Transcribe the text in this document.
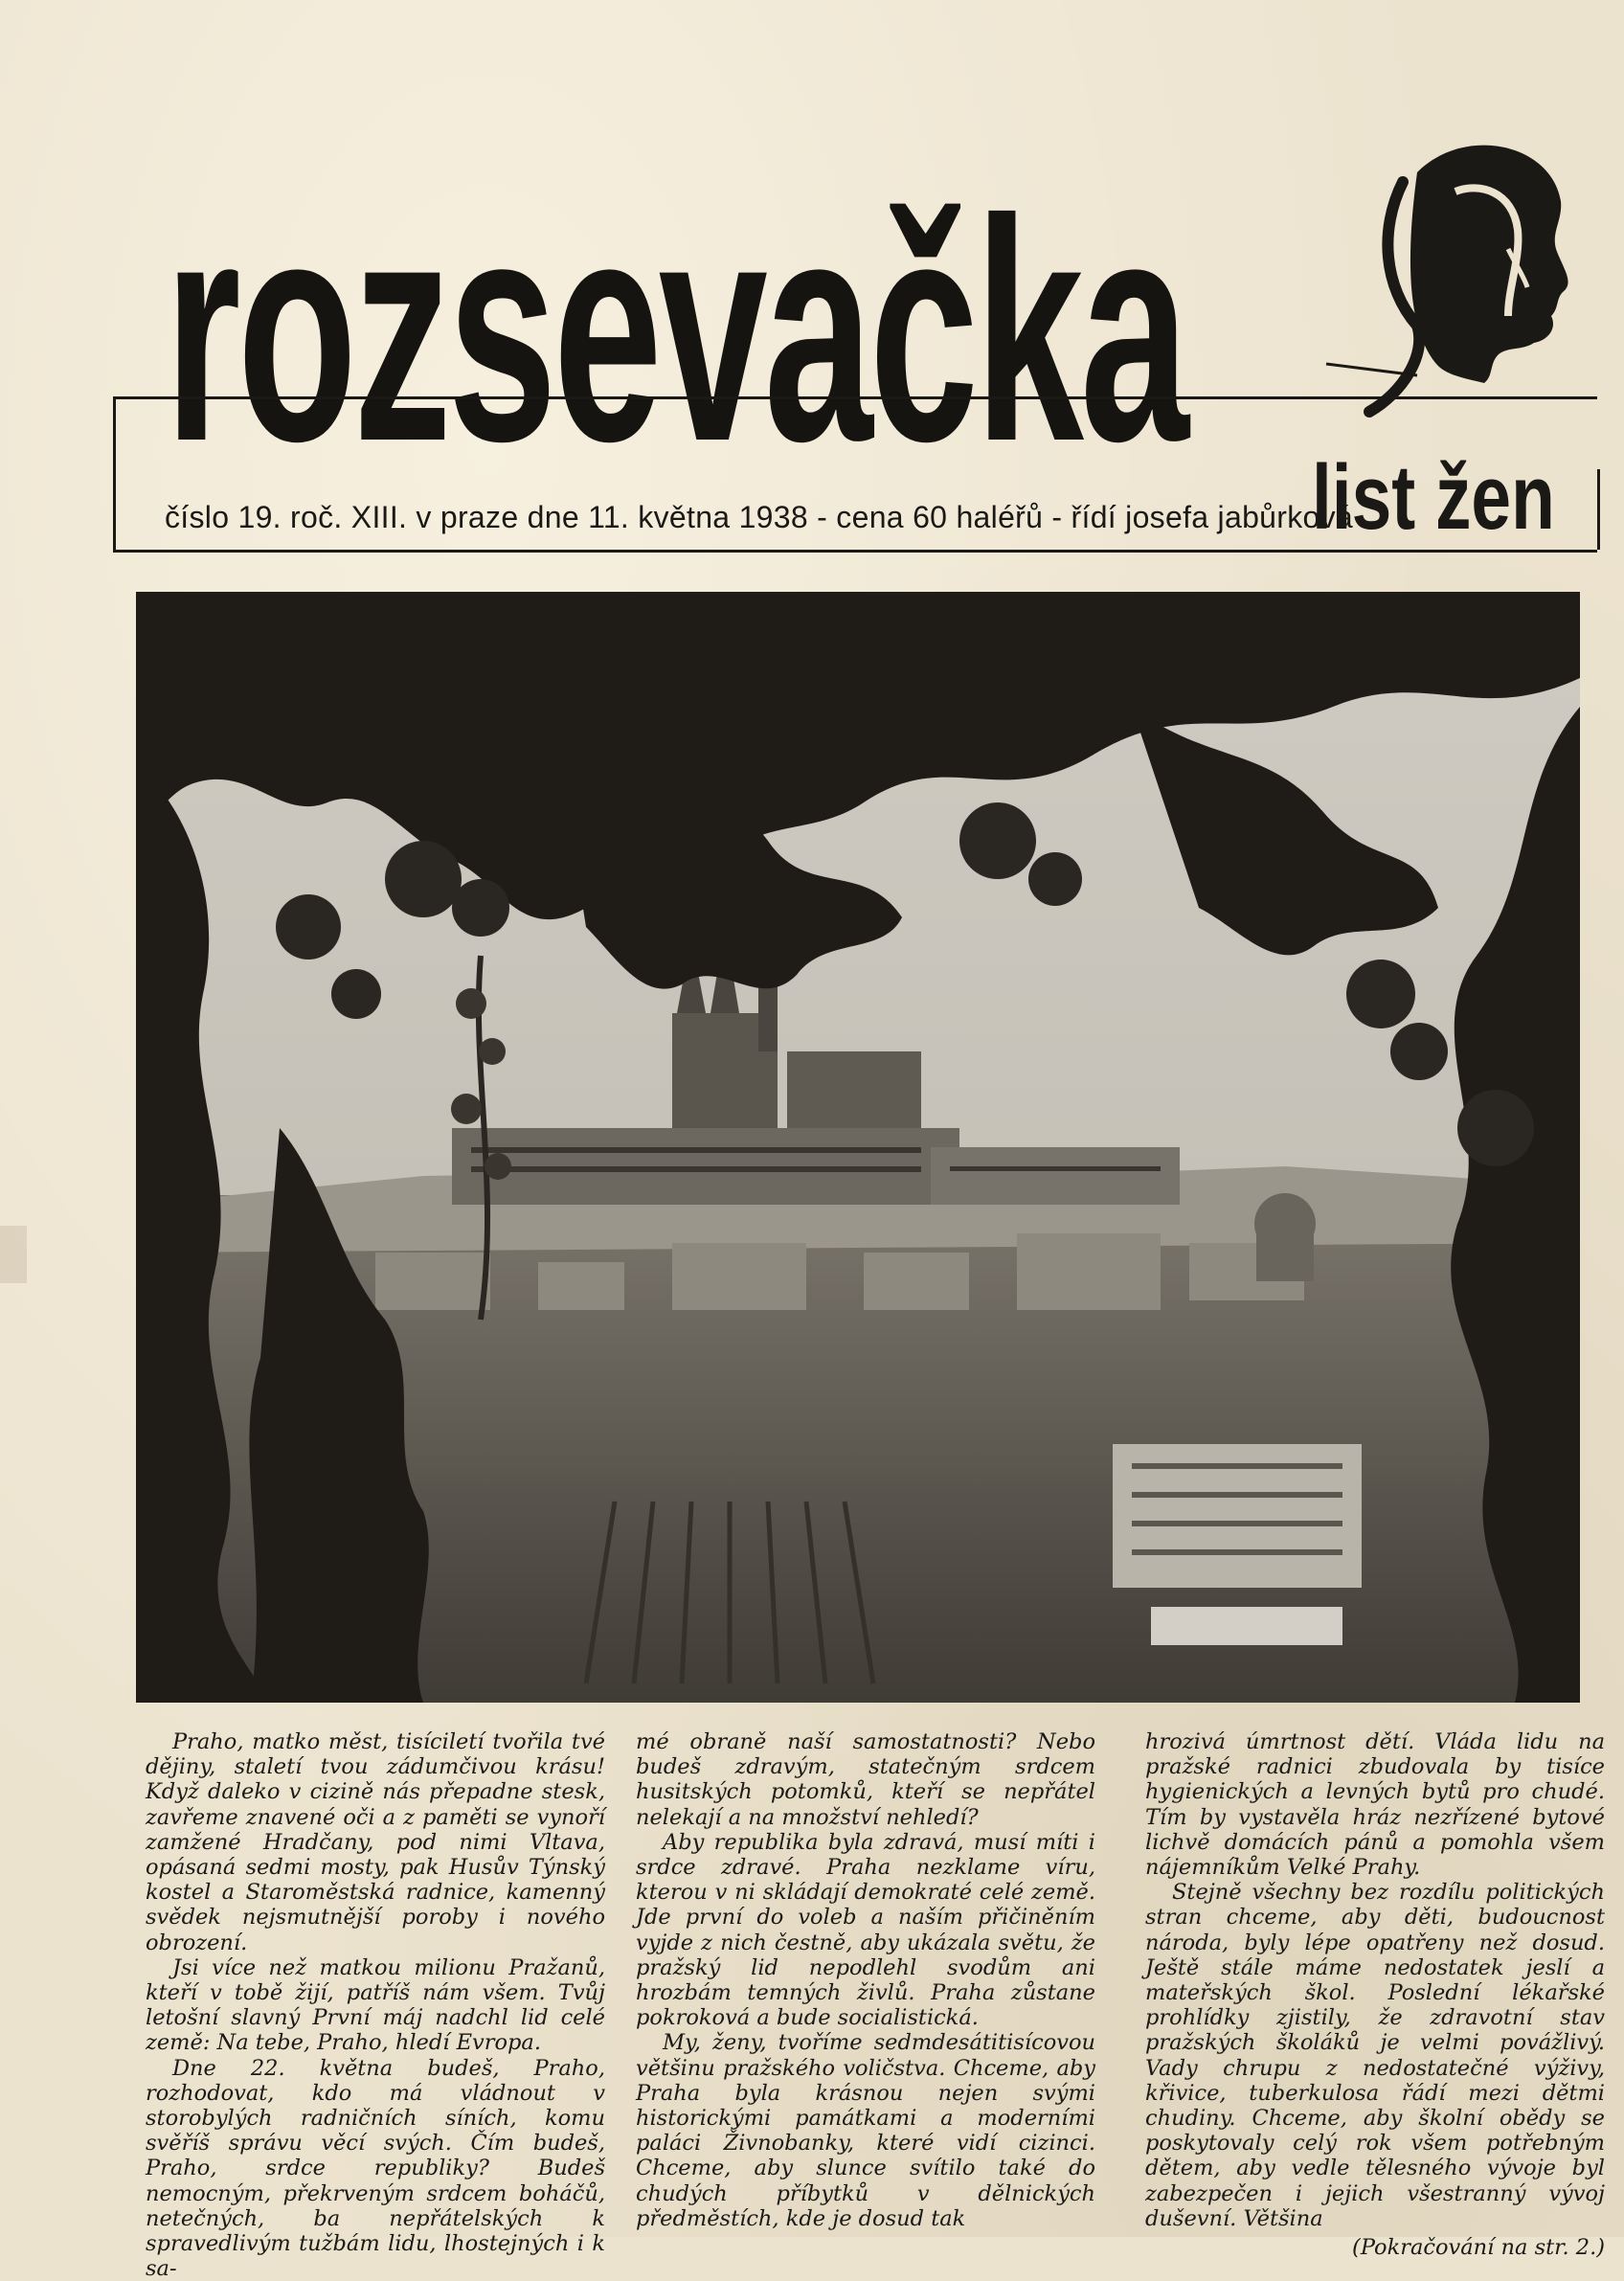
rozsevačka
číslo 19. roč. XIII. v praze dne 11. května 1938 - cena 60 haléřů - řídí josefa jabůrková
list žen

Praho, matko měst, tisíciletí tvořila tvé dějiny, staletí tvou zádumčivou krásu! Když daleko v cizině nás přepadne stesk, zavřeme znavené oči a z paměti se vynoří zamžené Hradčany, pod nimi Vltava, opásaná sedmi mosty, pak Husův Týnský kostel a Staroměstská radnice, kamenný svědek nejsmutnější poroby i nového obrození.

Jsi více než matkou milionu Pražanů, kteří v tobě žijí, patříš nám všem. Tvůj letošní slavný První máj nadchl lid celé země: Na tebe, Praho, hledí Evropa.

Dne 22. května budeš, Praho, rozhodovat, kdo má vládnout v storobylých radničních síních, komu svěříš správu věcí svých. Čím budeš, Praho, srdce republiky? Budeš nemocným, překrveným srdcem boháčů, netečných, ba nepřátelských k spravedlivým tužbám lidu, lhostejných i k sa-

mé obraně naší samostatnosti? Nebo budeš zdravým, statečným srdcem husitských potomků, kteří se nepřátel nelekají a na množství nehledí?

Aby republika byla zdravá, musí míti i srdce zdravé. Praha nezklame víru, kterou v ni skládají demokraté celé země. Jde první do voleb a naším přičiněním vyjde z nich čestně, aby ukázala světu, že pražský lid nepodlehl svodům ani hrozbám temných živlů. Praha zůstane pokroková a bude socialistická.

My, ženy, tvoříme sedmdesátitisícovou většinu pražského voličstva. Chceme, aby Praha byla krásnou nejen svými historickými památkami a moderními paláci Živnobanky, které vidí cizinci. Chceme, aby slunce svítilo také do chudých příbytků v dělnických předměstích, kde je dosud tak

hrozivá úmrtnost dětí. Vláda lidu na pražské radnici zbudovala by tisíce hygienických a levných bytů pro chudé. Tím by vystavěla hráz nezřízené bytové lichvě domácích pánů a pomohla všem nájemníkům Velké Prahy.

Stejně všechny bez rozdílu politických stran chceme, aby děti, budoucnost národa, byly lépe opatřeny než dosud. Ještě stále máme nedostatek jeslí a mateřských škol. Poslední lékařské prohlídky zjistily, že zdravotní stav pražských školáků je velmi povážlivý. Vady chrupu z nedostatečné výživy, křivice, tuberkulosa řádí mezi dětmi chudiny. Chceme, aby školní obědy se poskytovaly celý rok všem potřebným dětem, aby vedle tělesného vývoje byl zabezpečen i jejich všestranný vývoj duševní. Většina

(Pokračování na str. 2.)
